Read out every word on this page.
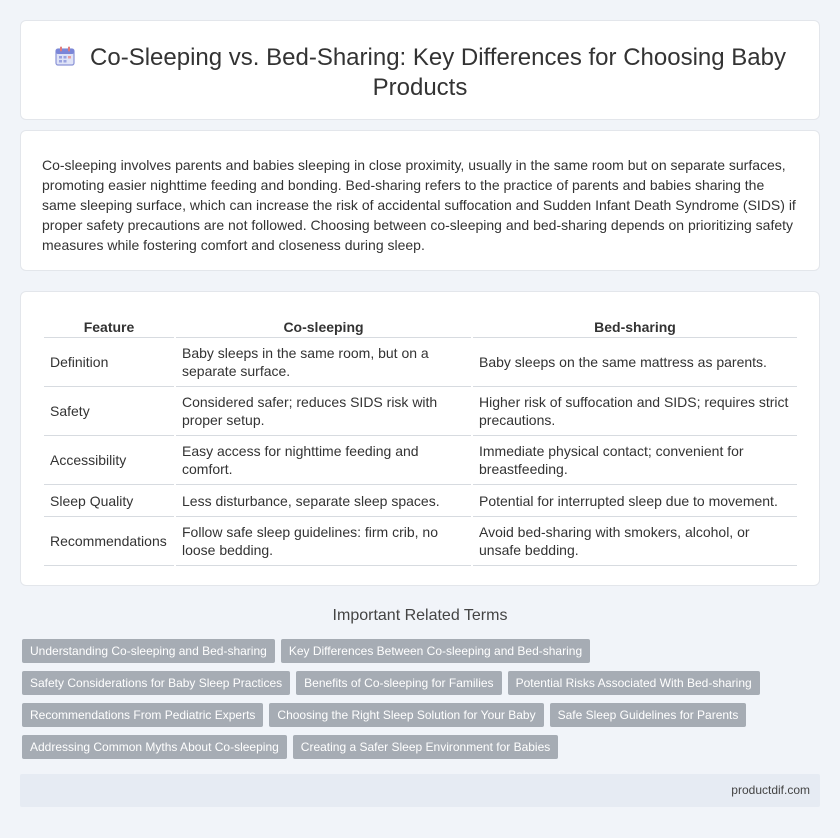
Co-Sleeping vs. Bed-Sharing: Key Differences for Choosing Baby Products

Co-sleeping involves parents and babies sleeping in close proximity, usually in the same room but on separate surfaces, promoting easier nighttime feeding and bonding. Bed-sharing refers to the practice of parents and babies sharing the same sleeping surface, which can increase the risk of accidental suffocation and Sudden Infant Death Syndrome (SIDS) if proper safety precautions are not followed. Choosing between co-sleeping and bed-sharing depends on prioritizing safety measures while fostering comfort and closeness during sleep.

Feature	Co-sleeping	Bed-sharing
Definition	Baby sleeps in the same room, but on a separate surface.	Baby sleeps on the same mattress as parents.
Safety	Considered safer; reduces SIDS risk with proper setup.	Higher risk of suffocation and SIDS; requires strict precautions.
Accessibility	Easy access for nighttime feeding and comfort.	Immediate physical contact; convenient for breastfeeding.
Sleep Quality	Less disturbance, separate sleep spaces.	Potential for interrupted sleep due to movement.
Recommendations	Follow safe sleep guidelines: firm crib, no loose bedding.	Avoid bed-sharing with smokers, alcohol, or unsafe bedding.
Important Related Terms
Understanding Co-sleeping and Bed-sharing Key Differences Between Co-sleeping and Bed-sharing
Safety Considerations for Baby Sleep Practices Benefits of Co-sleeping for Families Potential Risks Associated With Bed-sharing
Recommendations From Pediatric Experts Choosing the Right Sleep Solution for Your Baby Safe Sleep Guidelines for Parents
Addressing Common Myths About Co-sleeping Creating a Safer Sleep Environment for Babies
productdif.com
